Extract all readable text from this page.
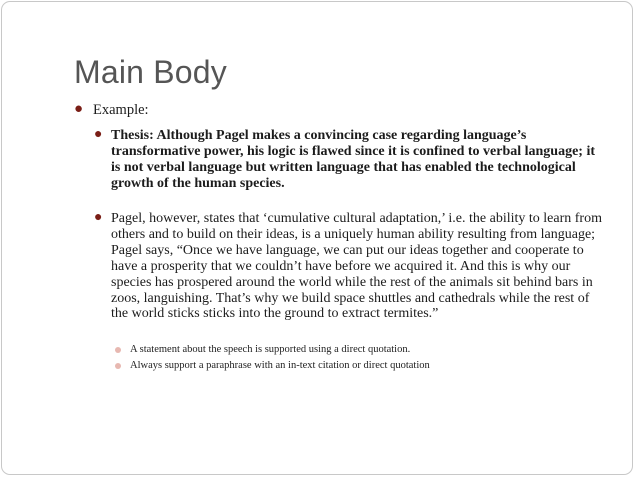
Main Body
● Example:
● Thesis: Although Pagel makes a convincing case regarding language’s transformative power, his logic is flawed since it is confined to verbal language; it is not verbal language but written language that has enabled the technological growth of the human species.
● Pagel, however, states that ‘cumulative cultural adaptation,’ i.e. the ability to learn from others and to build on their ideas, is a uniquely human ability resulting from language; Pagel says, “Once we have language, we can put our ideas together and cooperate to have a prosperity that we couldn’t have before we acquired it. And this is why our species has prospered around the world while the rest of the animals sit behind bars in zoos, languishing. That’s why we build space shuttles and cathedrals while the rest of the world sticks sticks into the ground to extract termites.”
A statement about the speech is supported using a direct quotation.
Always support a paraphrase with an in-text citation or direct quotation
